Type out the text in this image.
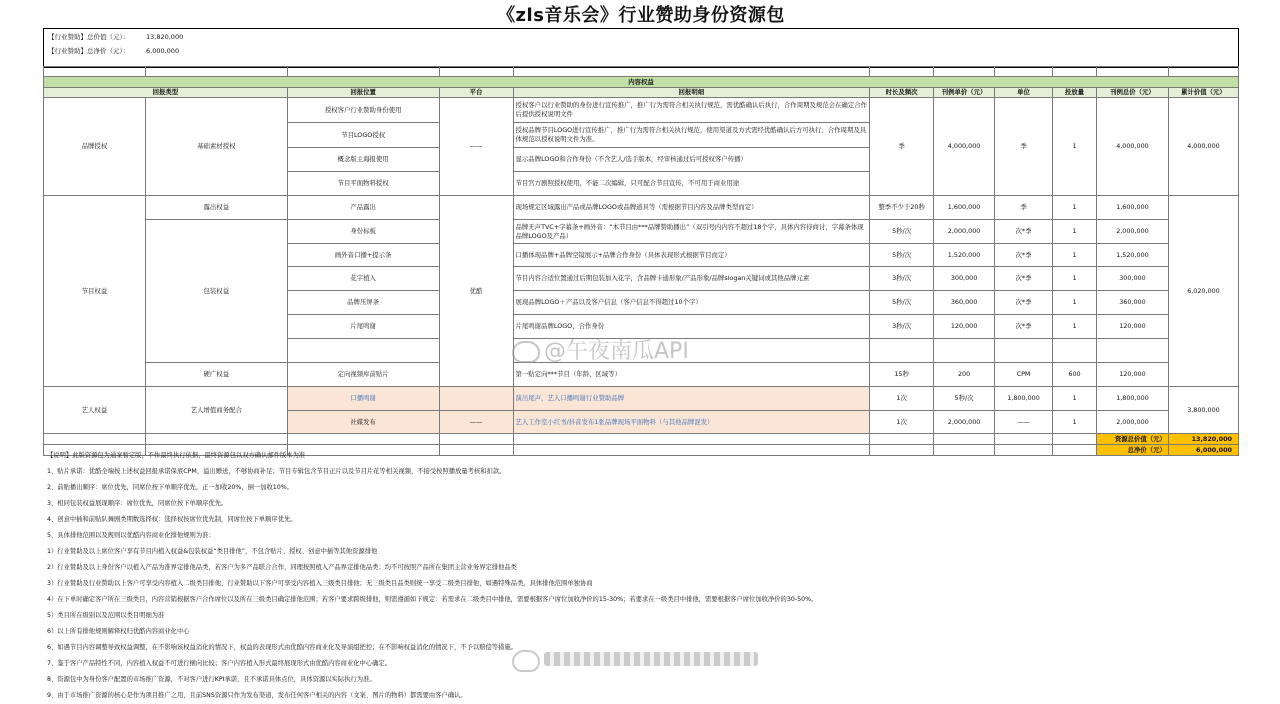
《zls音乐会》行业赞助身份资源包
【行业赞助】总价值（元）：	13,820,000
【行业赞助】总净价（元）：	6,000,000

内容权益										
回报类型		回报位置	平台	回报明细	时长及频次	刊例单价（元）	单位	投放量	刊例总价（元）	累计价值（元）
品牌授权	基础素材授权	授权客户行业赞助身份使用	——	授权客户以行业赞助的身份进行宣传推广，推广行为需符合相关执行规范，需优酷确认后执行，合作周期及规范会在确定合作后提供授权说明文件	季	4,000,000	季	1	4,000,000	4,000,000
		节目LOGO授权		授权品牌节目LOGO进行宣传推广，推广行为需符合相关执行规范，使用渠道及方式需经优酷确认后方可执行，合作周期及具体规范以授权说明文件为准。						
		概念版主海报使用		显示品牌LOGO和合作身份（不含艺人/选手版本，经审核通过后可授权客户传播）						
		节目平面物料授权		节目官方剧照授权使用，不能二次编辑，只可配合节目宣传，不可用于商业用途						
节目权益	露出权益	产品露出	优酷	现场规定区域露出产品或品牌LOGO或品牌道具等（需根据节目内容及品牌类型而定）	整季不少于20秒	1,600,000	季	1	1,600,000	6,020,000
	包装权益	身份标板		品牌无声TVC+字幕条+画外音：“本节目由***品牌赞助播出”（双引号内内容不超过18个字，具体内容待商讨，字幕条体现品牌LOGO及产品）	5秒/次	2,000,000	次*季	1	2,000,000	
		画外音口播+提示条		口播体现品牌+品牌空镜展示+品牌合作身份（具体表现形式根据节目而定）	5秒/次	1,520,000	次*季	1	1,520,000	
		花字植入		节目内容合适位置通过后期包装加入花字，含品牌卡通形象/产品形象/品牌slogan关键词或其他品牌元素	3秒/次	300,000	次*季	1	300,000	
		品牌压屏条		展现品牌LOGO＋产品以及客户信息（客户信息不得超过10个字）	5秒/次	360,000	次*季	1	360,000	
		片尾鸣谢		片尾鸣谢品牌LOGO、合作身份	3秒/次	120,000	次*季	1	120,000	

	硬广权益	定向视频库前贴片		第一贴定向***节目（年龄、区域等）	15秒	200	CPM	600	120,000	
艺人权益	艺人增值商务配合	口播鸣谢		演出尾声，艺人口播鸣谢行业赞助品牌	1次	5秒/次	1,800,000	1	1,800,000	3,800,000
		社媒发布	——	艺人工作室小红书/抖音发布1张品牌现场平面物料（与其他品牌混发）	1次	2,000,000	——	1	2,000,000	
									资源总价值（元）	13,820,000
									总净价（元）	6,000,000
【说明】此版资源包为通案暂定版，不作最终执行依据，最终资源包以双方确认邮件版本为准
1、贴片承诺：优酷全端按上述权益回报承诺保底CPM，溢出赠送，不够协商补足；节目专辑包含节目正片以及节目片花等相关视频，不接受按照播放量考核和扣款。
2、前贴播出顺序：席位优先，同席位按下单顺序优先，正一加收20%，倒一加收10%。
3、相同包装权益展现顺序：席位优先，同席位按下单顺序优先。
4、创意中插和前贴队舞剧类期数选择权：选择权按席位优先制，同席位按下单顺序优先。
5、具体排他范围以及规则以优酷内容商业化排他规则为准：
1）行业赞助及以上席位客户享有节目内植入权益&包装权益“类目排他”，不包含贴片、授权、创意中插等其他资源排他
2）行业赞助及以上身份客户以植入产品为准界定排他品类，若客户为多产品联合合作，同理按照植入产品界定排他品类；均不可按照产品所在集团主营业务界定排他品类
3）行业赞助及行业赞助以上客户可享受内容植入二级类目排他、行业赞助以下客户可享受内容植入三级类目排他；无三级类目品类则统一享受二级类目排他，如遇特殊品类，具体排他范围单独协商
4）在下单时确定客户所在三级类目，内容营销根据客户合作席位以及所在三级类目确定排他范围；若客户要求跨级排他，则需遵循如下规定：若需求在二级类目中排他，需要根据客户席位加收净价的15-30%；若要求在一级类目中排他，需要根据客户席位加收净价的30-50%。
5）类目所在级别以及范围以类目明细为准
6）以上所有排他规则解释权归优酷内容商业化中心
6、如遇节目内容调整导致权益调整，在不影响该权益消化的情况下，权益的表现形式由优酷内容商业化及导演组把控；在不影响权益消化的情况下，不予以赔偿等措施。
7、鉴于客户产品特性不同，内容植入权益不可进行横向比较；客户内容植入形式最终展现形式由优酷内容商业化中心确定。
8、资源包中为身份客户配置的市场推广资源，不对客户进行KPI承诺，且不承诺具体点位，具体资源以实际执行为准。
9、由于市场推广资源的核心是作为项目推广之用，且前SNS资源只作为发布渠道，发布任何客户相关的内容（文案、图片的物料）都需要由客户确认。
@午夜南瓜API
